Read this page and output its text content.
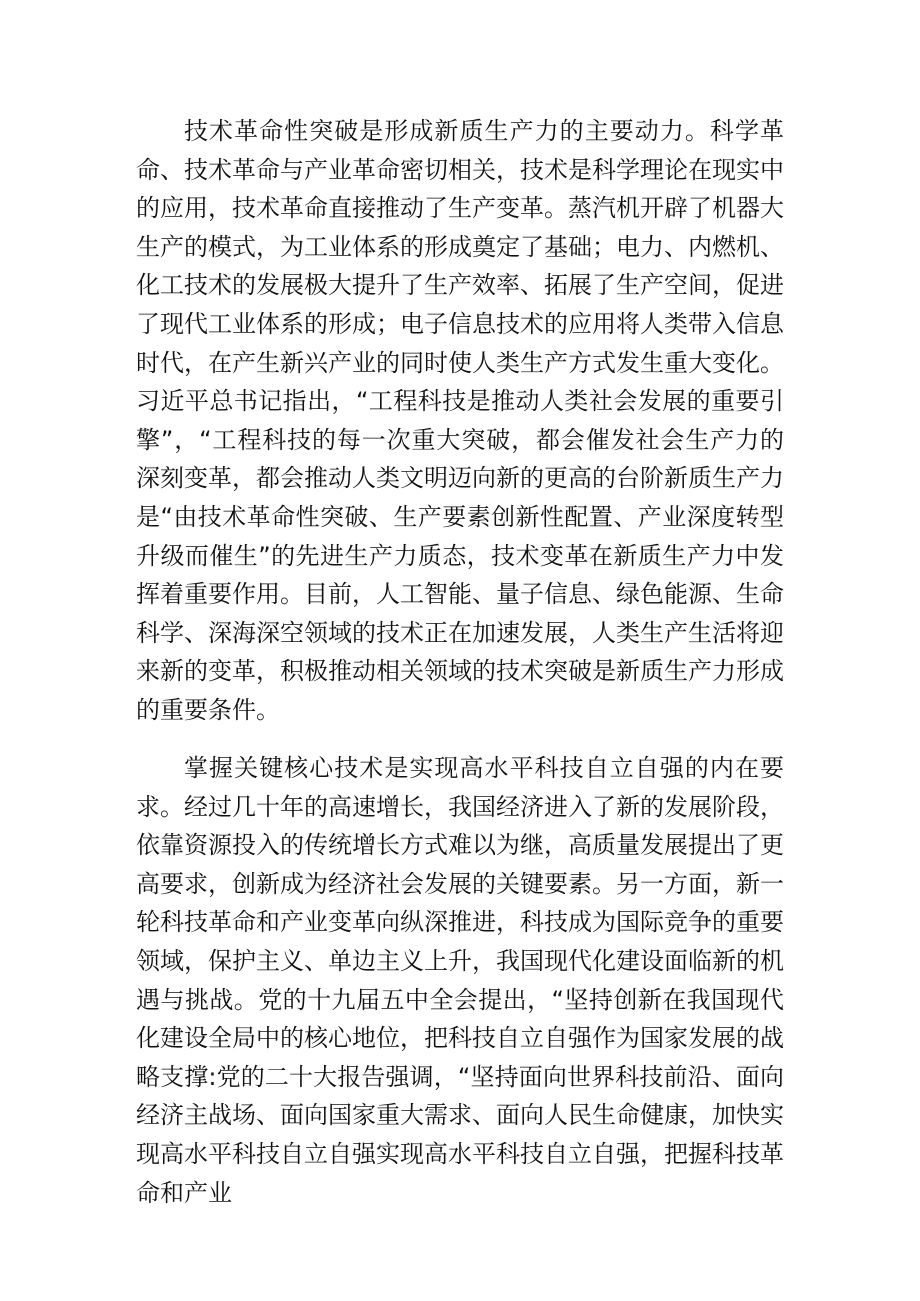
技术革命性突破是形成新质生产力的主要动力。科学革命、技术革命与产业革命密切相关，技术是科学理论在现实中的应用，技术革命直接推动了生产变革。蒸汽机开辟了机器大生产的模式，为工业体系的形成奠定了基础；电力、内燃机、化工技术的发展极大提升了生产效率、拓展了生产空间，促进了现代工业体系的形成；电子信息技术的应用将人类带入信息时代，在产生新兴产业的同时使人类生产方式发生重大变化。习近平总书记指出，“工程科技是推动人类社会发展的重要引擎”，“工程科技的每一次重大突破，都会催发社会生产力的深刻变革，都会推动人类文明迈向新的更高的台阶新质生产力是“由技术革命性突破、生产要素创新性配置、产业深度转型升级而催生”的先进生产力质态，技术变革在新质生产力中发挥着重要作用。目前，人工智能、量子信息、绿色能源、生命科学、深海深空领域的技术正在加速发展，人类生产生活将迎来新的变革，积极推动相关领域的技术突破是新质生产力形成的重要条件。

掌握关键核心技术是实现高水平科技自立自强的内在要求。经过几十年的高速增长，我国经济进入了新的发展阶段，依靠资源投入的传统增长方式难以为继，高质量发展提出了更高要求，创新成为经济社会发展的关键要素。另一方面，新一轮科技革命和产业变革向纵深推进，科技成为国际竞争的重要领域，保护主义、单边主义上升，我国现代化建设面临新的机遇与挑战。党的十九届五中全会提出，“坚持创新在我国现代化建设全局中的核心地位，把科技自立自强作为国家发展的战略支撑:党的二十大报告强调，“坚持面向世界科技前沿、面向经济主战场、面向国家重大需求、面向人民生命健康，加快实现高水平科技自立自强实现高水平科技自立自强，把握科技革命和产业
